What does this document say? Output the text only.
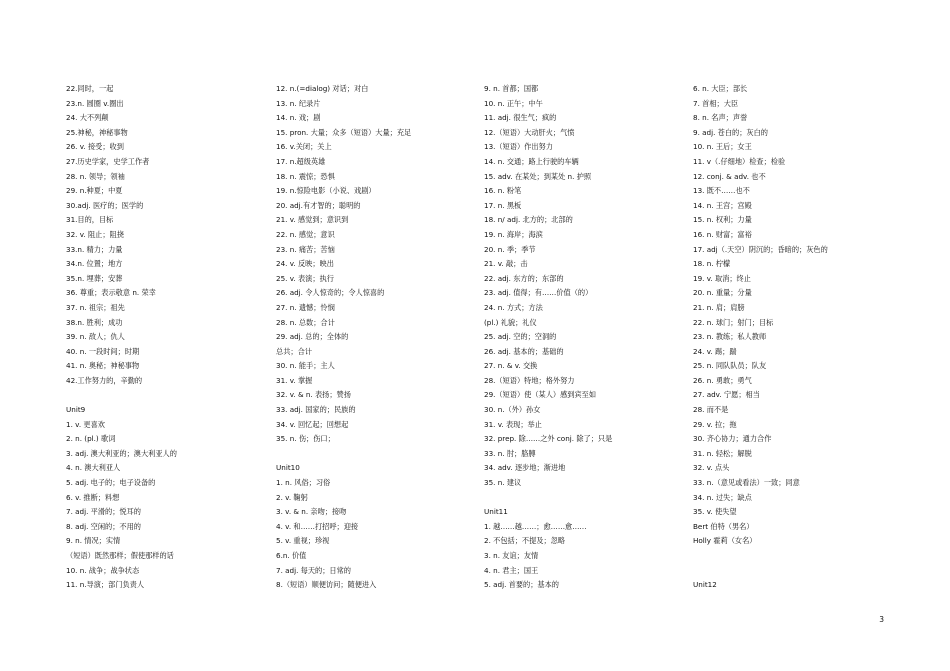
22.同时，一起
23.n. 圆圈 v.圈出
24. 大不列颠
25.神秘，神秘事物
26. v. 接受；收到
27.历史学家，史学工作者
28. n. 领导；领袖
29. n.种夏；中夏
30.adj. 医疗的；医学的
31.目的，目标
32. v. 阻止；阻挠
33.n. 精力；力量
34.n. 位置；地方
35.n. 埋葬；安葬
36. 尊重；表示敬意 n. 荣幸
37. n. 祖宗；祖先
38.n. 胜利；成功
39. n. 敌人；仇人
40. n. 一段时间；时期
41. n. 奥秘；神秘事物
42.工作努力的，辛勤的
Unit9
1. v. 更喜欢
2. n. (pl.) 歌词
3. adj. 澳大利亚的；澳大利亚人的
4. n. 澳大利亚人
5. adj. 电子的；电子设备的
6. v. 推断；料想
7. adj. 平滑的；悦耳的
8. adj. 空闲的；不用的
9. n. 情况；实情
（短语）既然那样；假使那样的话
10. n. 战争；战争状态
11. n.导演；部门负责人
12. n.(=dialog) 对话；对白
13. n. 纪录片
14. n. 戏；剧
15. pron. 大量；众多（短语）大量；充足
16. v.关闭；关上
17. n.超级英雄
18. n. 震惊；恐惧
19. n.惊险电影（小说、戏剧）
20. adj.有才智的；聪明的
21. v. 感觉到；意识到
22. n. 感觉；意识
23. n. 痛苦；苦恼
24. v. 反映；映出
25. v. 表演；执行
26. adj. 令人惊奇的；令人惊喜的
27. n. 遗憾；怜悯
28. n. 总数；合计
29. adj. 总的；全体的
总共；合计
30. n. 能手；主人
31. v. 掌握
32. v. & n. 表扬；赞扬
33. adj. 国家的；民族的
34. v. 回忆起；回想起
35. n. 伤；伤口；
Unit10
1. n. 风俗；习俗
2. v. 鞠躬
3. v. & n. 亲吻；接吻
4. v. 和……打招呼；迎接
5. v. 重视；珍视
6.n. 价值
7. adj. 每天的；日常的
8.（短语）顺便访问；随便进入
9. n. 首都；国都
10. n. 正午；中午
11. adj. 很生气；疯的
12.（短语）大动肝火；气愤
13.（短语）作出努力
14. n. 交通；路上行驶的车辆
15. adv. 在某处；到某处 n. 护照
16. n. 粉笔
17. n. 黑板
18. n/ adj. 北方的；北部的
19. n. 海岸；海滨
20. n. 季；季节
21. v. 敲；击
22. adj. 东方的；东部的
23. adj. 值得；有……价值（的）
24. n. 方式；方法
(pl.) 礼貌；礼仪
25. adj. 空的；空洞的
26. adj. 基本的；基础的
27. n. & v. 交换
28.（短语）特地；格外努力
29.（短语）使（某人）感到宾至如
30. n.（外）孙女
31. v. 表现；举止
32. prep. 除……之外 conj. 除了；只是
33. n. 肘；胳膊
34. adv. 逐步地；渐进地
35. n. 建议
Unit11
1. 越……越……；愈……愈……
2. 不包括；不提及；忽略
3. n. 友谊；友情
4. n. 君主；国王
5. adj. 首要的；基本的
6. n. 大臣；部长
7. 首相；大臣
8. n. 名声；声誉
9. adj. 苍白的；灰白的
10. n. 王后；女王
11. v（.仔细地）检查；检验
12. conj. & adv. 也不
13. 既不……也不
14. n. 王宫；宫殿
15. n. 权利；力量
16. n. 财富；富裕
17. adj（.天空）阴沉的；昏暗的；灰色的
18. n. 柠檬
19. v. 取消；终止
20. n. 重量；分量
21. n. 肩；肩膀
22. n. 球门；射门；目标
23. n. 教练；私人教师
24. v. 踢；踹
25. n. 同队队员；队友
26. n. 勇敢；勇气
27. adv. 宁愿；相当
28. 而不是
29. v. 拉；拖
30. 齐心协力；通力合作
31. n. 轻松；解脱
32. v. 点头
33. n.（意见或看法）一致；同意
34. n. 过失；缺点
35. v. 使失望
Bert 伯特（男名）
Holly 霍莉（女名）
Unit12
3
